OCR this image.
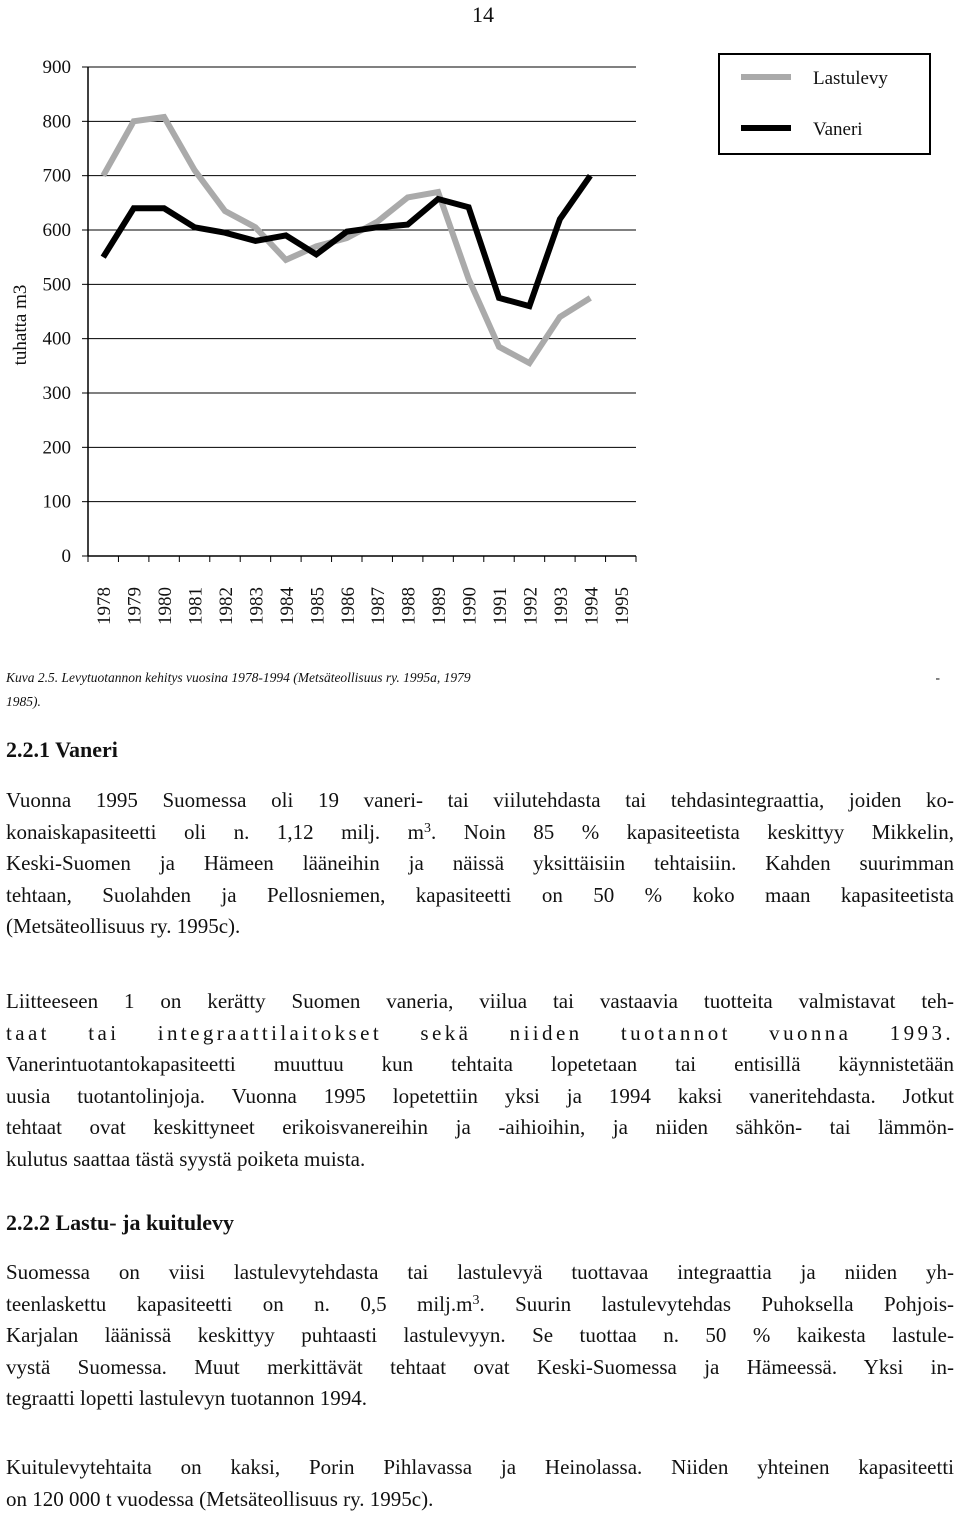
14
0
100
200
300
400
500
600
700
800
900
1978 1979 1980 1981 1982 1983 1984 1985 1986 1987 1988 1989 1990 1991 1992 1993 1994 1995
tuhatta m3
Lastulevy
Vaneri
Kuva 2.5. Levytuotannon kehitys vuosina 1978-1994 (Metsäteollisuus ry. 1995a, 1979	-
1985).
2.2.1 Vaneri
Vuonna 1995 Suomessa oli 19 vaneri- tai viilutehdasta tai tehdasintegraattia, joiden ko-
konaiskapasiteetti oli n. 1,12 milj. $m^3$. Noin 85 % kapasiteetista keskittyy Mikkelin,
Keski-Suomen ja Hämeen lääneihin ja näissä yksittäisiin tehtaisiin. Kahden suurimman
tehtaan, Suolahden ja Pellosniemen, kapasiteetti on 50 % koko maan kapasiteetista
(Metsäteollisuus ry. 1995c).
Liitteeseen 1 on kerätty Suomen vaneria, viilua tai vastaavia tuotteita valmistavat teh-
taat tai integraattilaitokset sekä niiden tuotannot vuonna 1993.
Vanerintuotantokapasiteetti muuttuu kun tehtaita lopetetaan tai entisillä käynnistetään
uusia tuotantolinjoja. Vuonna 1995 lopetettiin yksi ja 1994 kaksi vaneritehdasta. Jotkut
tehtaat ovat keskittyneet erikoisvanereihin ja -aihioihin, ja niiden sähkön- tai lämmön-
kulutus saattaa tästä syystä poiketa muista.
2.2.2 Lastu- ja kuitulevy
Suomessa on viisi lastulevytehdasta tai lastulevyä tuottavaa integraattia ja niiden yh-
teenlaskettu kapasiteetti on n. 0,5 $milj.m^3$. Suurin lastulevytehdas Puhoksella Pohjois-
Karjalan läänissä keskittyy puhtaasti lastulevyyn. Se tuottaa n. 50 % kaikesta lastule-
vystä Suomessa. Muut merkittävät tehtaat ovat Keski-Suomessa ja Hämeessä. Yksi in-
tegraatti lopetti lastulevyn tuotannon 1994.
Kuitulevytehtaita on kaksi, Porin Pihlavassa ja Heinolassa. Niiden yhteinen kapasiteetti
on 120 000 t vuodessa (Metsäteollisuus ry. 1995c).
